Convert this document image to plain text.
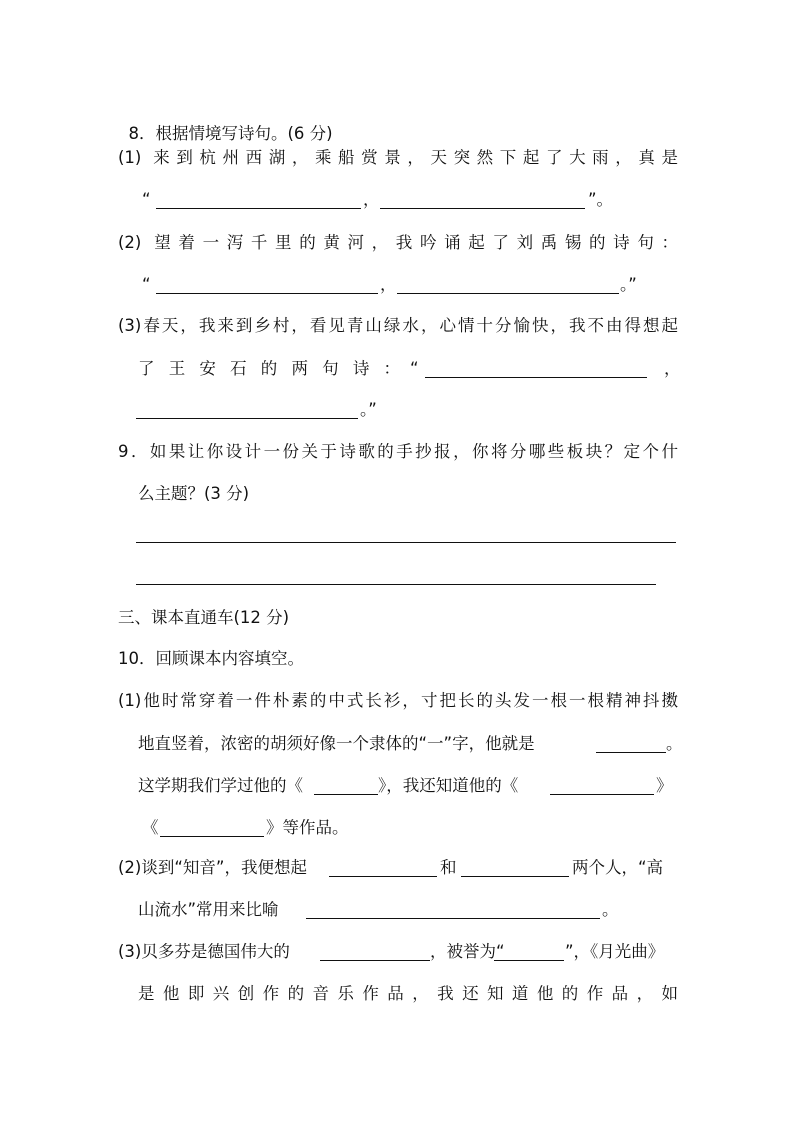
8．根据情境写诗句。(6 分)

(1) 来到杭州西湖，乘船赏景，天突然下起了大雨，真是
“	，	”。
(2) 望着一泻千里的黄河，我吟诵起了刘禹锡的诗句：
“	，	。”
(3)春天，我来到乡村，看见青山绿水，心情十分愉快，我不由得想起
了王安石的两句诗： “	，
。”
9．如果让你设计一份关于诗歌的手抄报，你将分哪些板块？定个什
么主题？(3 分)
三、课本直通车(12 分)
10．回顾课本内容填空。
(1)他时常穿着一件朴素的中式长衫，寸把长的头发一根一根精神抖擞
地直竖着，浓密的胡须好像一个隶体的“一”字，他就是	。
这学期我们学过他的《	》，我还知道他的《	》
《	》等作品。
(2)谈到“知音”，我便想起	和	两个人，“高
山流水”常用来比喻	。
(3)贝多芬是德国伟大的	，被誉为“	”，《月光曲》
是他即兴创作的音乐作品，我还知道他的作品，如
